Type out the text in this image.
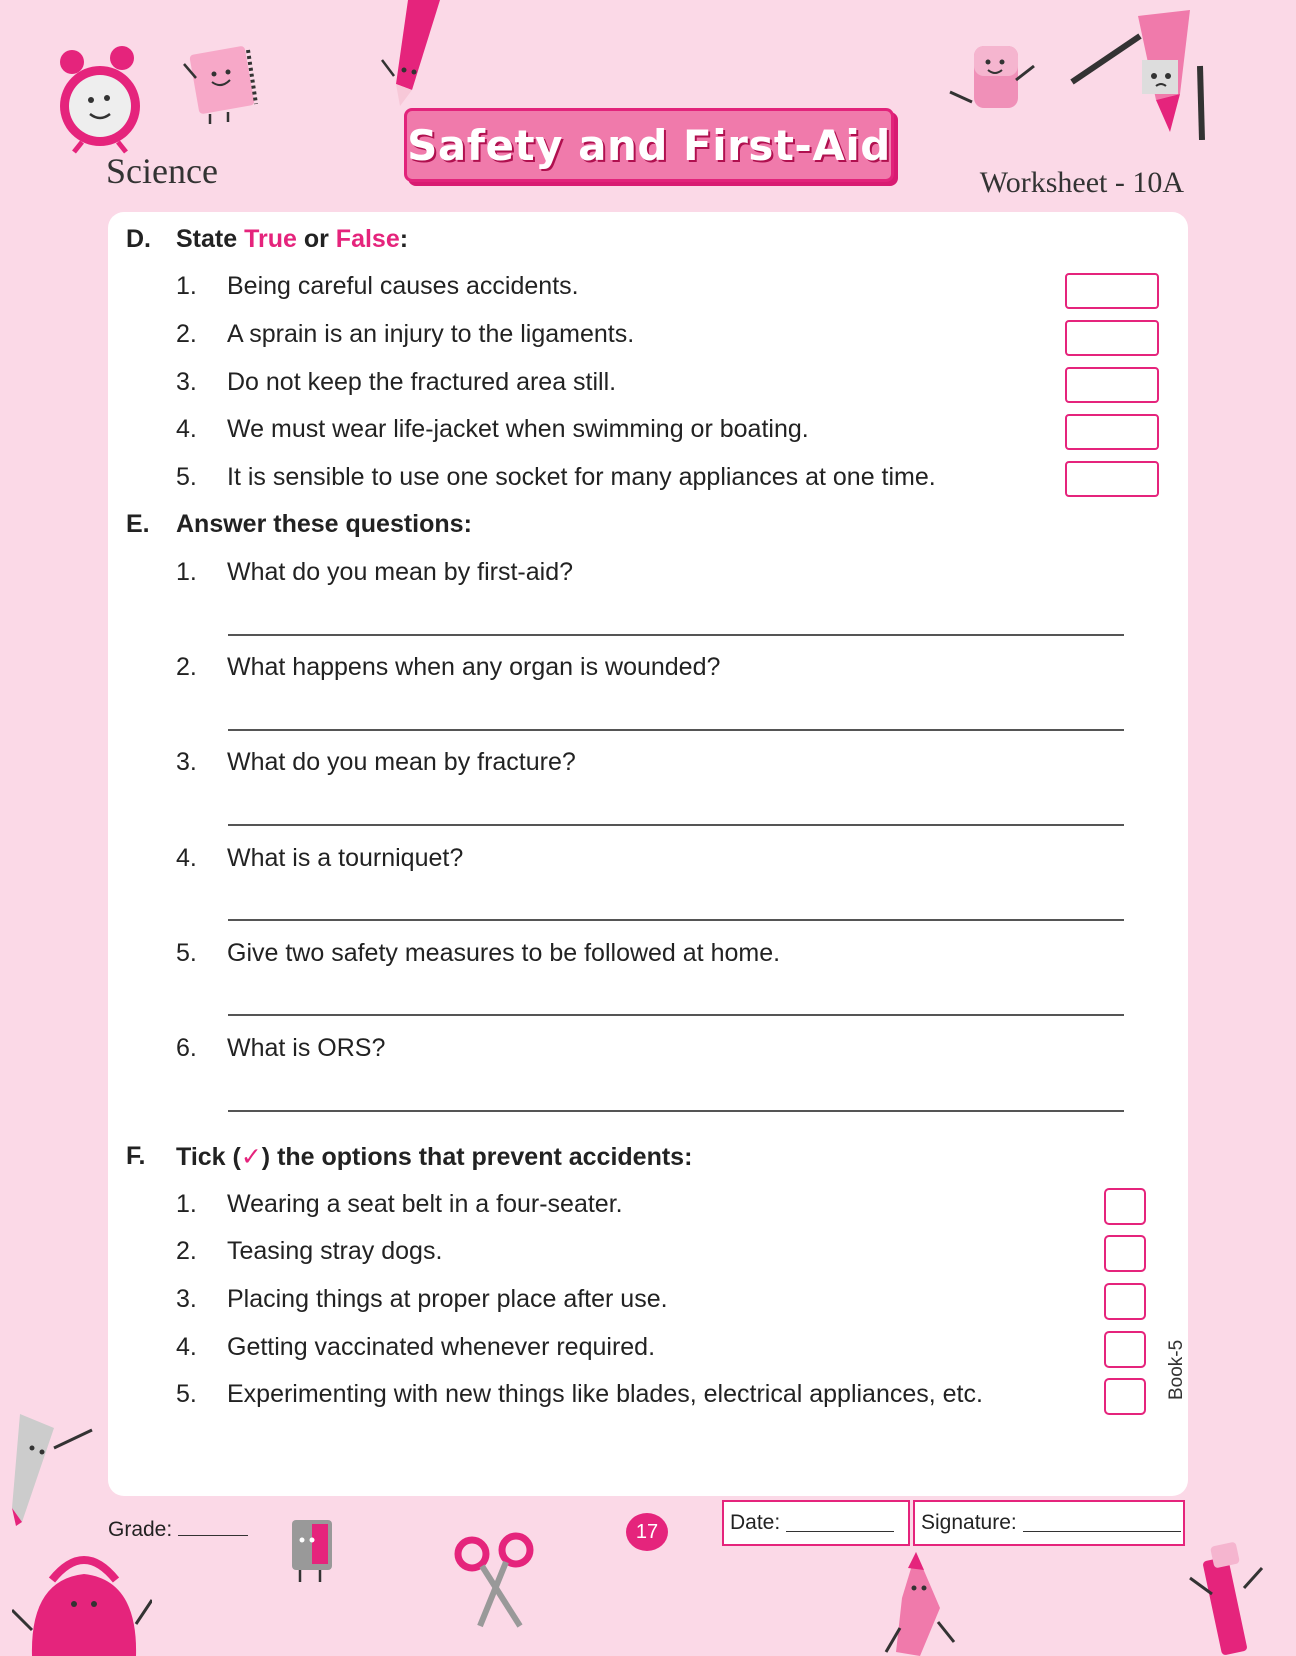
Science
Safety and First-Aid
Worksheet - 10A
D. State True or False:
1. Being careful causes accidents.
2. A sprain is an injury to the ligaments.
3. Do not keep the fractured area still.
4. We must wear life-jacket when swimming or boating.
5. It is sensible to use one socket for many appliances at one time.
E. Answer these questions:
1. What do you mean by first-aid?
2. What happens when any organ is wounded?
3. What do you mean by fracture?
4. What is a tourniquet?
5. Give two safety measures to be followed at home.
6. What is ORS?
F. Tick (✓) the options that prevent accidents:
1. Wearing a seat belt in a four-seater.
2. Teasing stray dogs.
3. Placing things at proper place after use.
4. Getting vaccinated whenever required.
5. Experimenting with new things like blades, electrical appliances, etc.	Book-5
Grade:	17	Date:	Signature:
